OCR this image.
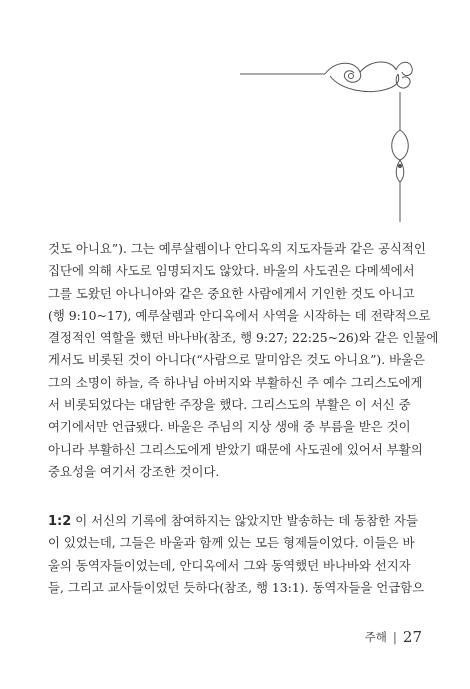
것도 아니요”). 그는 예루살렘이나 안디옥의 지도자들과 같은 공식적인
집단에 의해 사도로 임명되지도 않았다. 바울의 사도권은 다메섹에서
그를 도왔던 아나니아와 같은 중요한 사람에게서 기인한 것도 아니고
(행 9:10~17), 예루살렘과 안디옥에서 사역을 시작하는 데 전략적으로
결정적인 역할을 했던 바나바(참조, 행 9:27; 22:25~26)와 같은 인물에
게서도 비롯된 것이 아니다(“사람으로 말미암은 것도 아니요”). 바울은
그의 소명이 하늘, 즉 하나님 아버지와 부활하신 주 예수 그리스도에게
서 비롯되었다는 대담한 주장을 했다. 그리스도의 부활은 이 서신 중
여기에서만 언급됐다. 바울은 주님의 지상 생애 중 부름을 받은 것이
아니라 부활하신 그리스도에게 받았기 때문에 사도권에 있어서 부활의
중요성을 여기서 강조한 것이다.
1:2 이 서신의 기록에 참여하지는 않았지만 발송하는 데 동참한 자들
이 있었는데, 그들은 바울과 함께 있는 모든 형제들이었다. 이들은 바
울의 동역자들이었는데, 안디옥에서 그와 동역했던 바나바와 선지자
들, 그리고 교사들이었던 듯하다(참조, 행 13:1). 동역자들을 언급함으
주해 | 27
